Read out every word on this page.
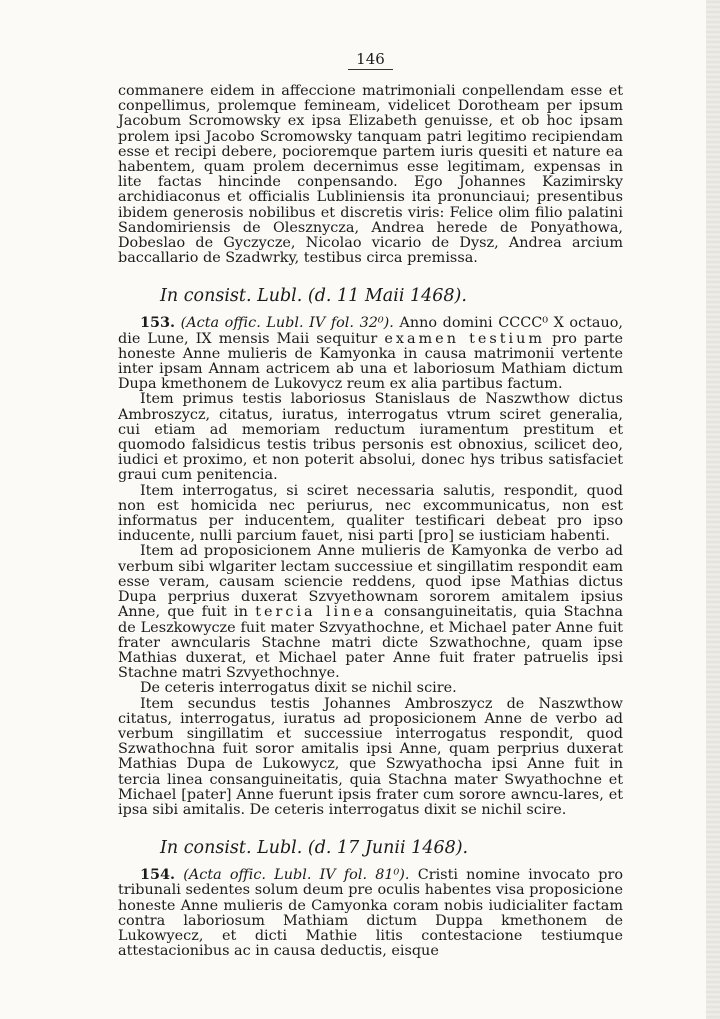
146

commanere eidem in affeccione matrimoniali conpellendam esse et conpellimus, prolemque femineam, videlicet Dorotheam per ipsum Jacobum Scromowsky ex ipsa Elizabeth genuisse, et ob hoc ipsam prolem ipsi Jacobo Scromowsky tanquam patri legitimo recipiendam esse et recipi debere, pocioremque partem iuris quesiti et nature ea habentem, quam prolem decernimus esse legitimam, expensas in lite factas hincinde conpensando. Ego Johannes Kazimirsky archidiaconus et officialis Lubliniensis ita pronunciaui; presentibus ibidem generosis nobilibus et discretis viris: Felice olim filio palatini Sandomiriensis de Olesznycza, Andrea herede de Ponyathowa, Dobeslao de Gyczycze, Nicolao vicario de Dysz, Andrea arcium baccallario de Szadwrky, testibus circa premissa.

In consist. Lubl. (d. 11 Maii 1468).

153. (Acta offic. Lubl. IV fol. 32⁰). Anno domini CCCC⁰ X octauo, die Lune, IX mensis Maii sequitur examen testium pro parte honeste Anne mulieris de Kamyonka in causa matrimonii vertente inter ipsam Annam actricem ab una et laboriosum Mathiam dictum Dupa kmethonem de Lukovycz reum ex alia partibus factum.

Item primus testis laboriosus Stanislaus de Naszwthow dictus Ambroszycz, citatus, iuratus, interrogatus vtrum sciret generalia, cui etiam ad memoriam reductum iuramentum prestitum et quomodo falsidicus testis tribus personis est obnoxius, scilicet deo, iudici et proximo, et non poterit absolui, donec hys tribus satisfaciet graui cum penitencia.

Item interrogatus, si sciret necessaria salutis, respondit, quod non est homicida nec periurus, nec excommunicatus, non est informatus per inducentem, qualiter testificari debeat pro ipso inducente, nulli parcium fauet, nisi parti [pro] se iusticiam habenti.

Item ad proposicionem Anne mulieris de Kamyonka de verbo ad verbum sibi wlgariter lectam successiue et singillatim respondit eam esse veram, causam sciencie reddens, quod ipse Mathias dictus Dupa perprius duxerat Szvyethownam sororem amitalem ipsius Anne, que fuit in tercia linea consanguineitatis, quia Stachna de Leszkowycze fuit mater Szvyathochne, et Michael pater Anne fuit frater awncularis Stachne matri dicte Szwathochne, quam ipse Mathias duxerat, et Michael pater Anne fuit frater patruelis ipsi Stachne matri Szvyethochnye.

De ceteris interrogatus dixit se nichil scire.

Item secundus testis Johannes Ambroszycz de Naszwthow citatus, interrogatus, iuratus ad proposicionem Anne de verbo ad verbum singillatim et successiue interrogatus respondit, quod Szwathochna fuit soror amitalis ipsi Anne, quam perprius duxerat Mathias Dupa de Lukowycz, que Szwyathocha ipsi Anne fuit in tercia linea consanguineitatis, quia Stachna mater Swyathochne et Michael [pater] Anne fuerunt ipsis frater cum sorore awncu-lares, et ipsa sibi amitalis. De ceteris interrogatus dixit se nichil scire.

In consist. Lubl. (d. 17 Junii 1468).

154. (Acta offic. Lubl. IV fol. 81⁰). Cristi nomine invocato pro tribunali sedentes solum deum pre oculis habentes visa proposicione honeste Anne mulieris de Camyonka coram nobis iudicialiter factam contra laboriosum Mathiam dictum Duppa kmethonem de Lukowyecz, et dicti Mathie litis contestacione testiumque attestacionibus ac in causa deductis, eisque
